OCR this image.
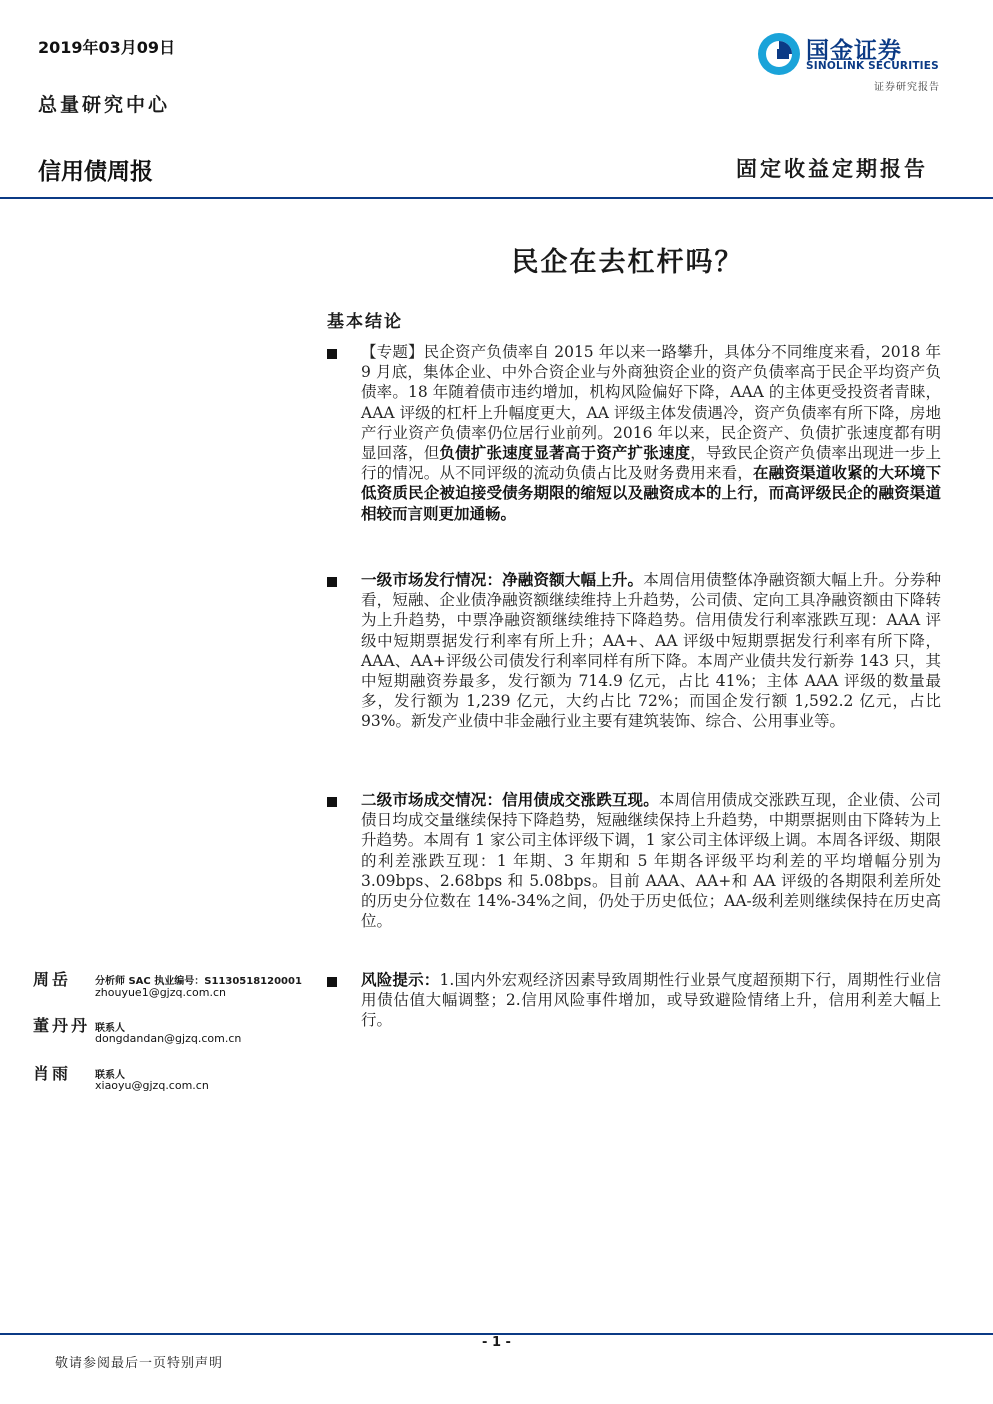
2019年03月09日
总量研究中心
国金证券
SINOLINK SECURITIES
证券研究报告
信用债周报	固定收益定期报告
民企在去杠杆吗？
基本结论
【专题】民企资产负债率自 2015 年以来一路攀升，具体分不同维度来看，2018 年 9 月底，集体企业、中外合资企业与外商独资企业的资产负债率高于民企平均资产负债率。18 年随着债市违约增加，机构风险偏好下降，AAA 的主体更受投资者青睐，AAA 评级的杠杆上升幅度更大，AA 评级主体发债遇冷，资产负债率有所下降，房地产行业资产负债率仍位居行业前列。2016 年以来，民企资产、负债扩张速度都有明显回落，但负债扩张速度显著高于资产扩张速度，导致民企资产负债率出现进一步上行的情况。从不同评级的流动负债占比及财务费用来看，在融资渠道收紧的大环境下低资质民企被迫接受债务期限的缩短以及融资成本的上行，而高评级民企的融资渠道相较而言则更加通畅。
一级市场发行情况：净融资额大幅上升。本周信用债整体净融资额大幅上升。分券种看，短融、企业债净融资额继续维持上升趋势，公司债、定向工具净融资额由下降转为上升趋势，中票净融资额继续维持下降趋势。信用债发行利率涨跌互现：AAA 评级中短期票据发行利率有所上升；AA+、AA 评级中短期票据发行利率有所下降，AAA、AA+评级公司债发行利率同样有所下降。本周产业债共发行新券 143 只，其中短期融资券最多，发行额为 714.9 亿元，占比 41%；主体 AAA 评级的数量最多，发行额为 1,239 亿元，大约占比 72%；而国企发行额 1,592.2 亿元，占比 93%。新发产业债中非金融行业主要有建筑装饰、综合、公用事业等。
二级市场成交情况：信用债成交涨跌互现。本周信用债成交涨跌互现，企业债、公司债日均成交量继续保持下降趋势，短融继续保持上升趋势，中期票据则由下降转为上升趋势。本周有 1 家公司主体评级下调，1 家公司主体评级上调。本周各评级、期限的利差涨跌互现：1 年期、3 年期和 5 年期各评级平均利差的平均增幅分别为 3.09bps、2.68bps 和 5.08bps。目前 AAA、AA+和 AA 评级的各期限利差所处的历史分位数在 14%-34%之间，仍处于历史低位；AA-级利差则继续保持在历史高位。
风险提示：1.国内外宏观经济因素导致周期性行业景气度超预期下行，周期性行业信用债估值大幅调整；2.信用风险事件增加，或导致避险情绪上升，信用利差大幅上行。
周岳 分析师 SAC 执业编号：S1130518120001
zhouyue1@gjzq.com.cn
董丹丹 联系人
dongdandan@gjzq.com.cn
肖雨 联系人
xiaoyu@gjzq.com.cn
- 1 -
敬请参阅最后一页特别声明
